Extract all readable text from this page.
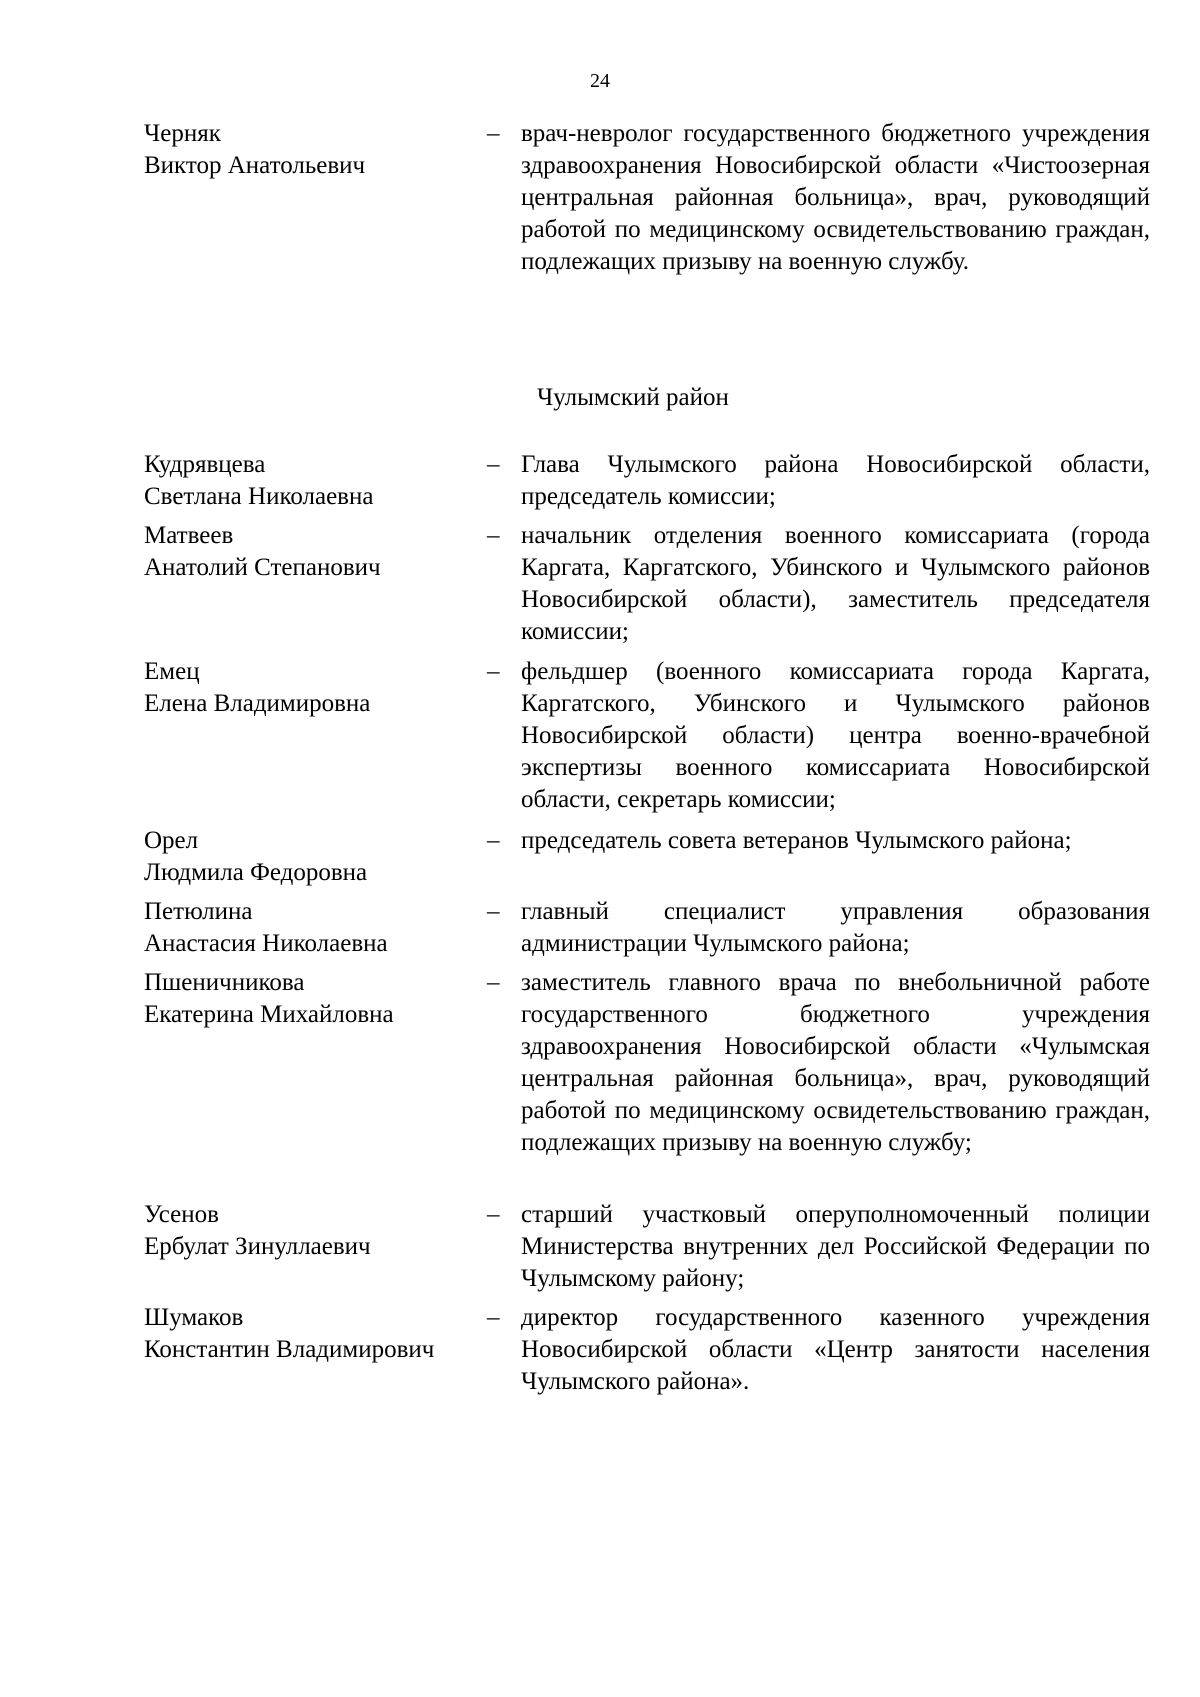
24
Черняк
Виктор Анатольевич
– врач-невролог государственного бюджетного учреждения здравоохранения Новосибирской области «Чистоозерная центральная районная больница», врач, руководящий работой по медицинскому освидетельствованию граждан, подлежащих призыву на военную службу.
Чулымский район
Кудрявцева
Светлана Николаевна
– Глава Чулымского района Новосибирской области, председатель комиссии;
Матвеев
Анатолий Степанович
– начальник отделения военного комиссариата (города Каргата, Каргатского, Убинского и Чулымского районов Новосибирской области), заместитель председателя комиссии;
Емец
Елена Владимировна
– фельдшер (военного комиссариата города Каргата, Каргатского, Убинского и Чулымского районов Новосибирской области) центра военно-врачебной экспертизы военного комиссариата Новосибирской области, секретарь комиссии;
Орел
Людмила Федоровна
– председатель совета ветеранов Чулымского района;
Петюлина
Анастасия Николаевна
– главный специалист управления образования администрации Чулымского района;
Пшеничникова
Екатерина Михайловна
– заместитель главного врача по внебольничной работе государственного бюджетного учреждения здравоохранения Новосибирской области «Чулымская центральная районная больница», врач, руководящий работой по медицинскому освидетельствованию граждан, подлежащих призыву на военную службу;
Усенов
Ербулат Зинуллаевич
– старший участковый оперуполномоченный полиции Министерства внутренних дел Российской Федерации по Чулымскому району;
Шумаков
Константин Владимирович
– директор государственного казенного учреждения Новосибирской области «Центр занятости населения Чулымского района».
